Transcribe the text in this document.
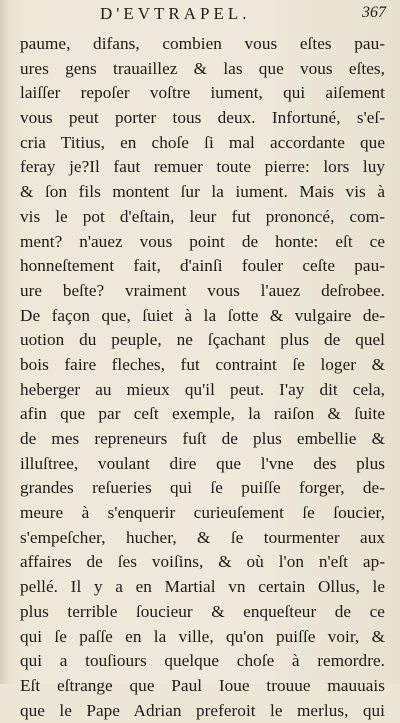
D'EVTRAPEL.	367
paume, difans, combien vous eſtes pau-
ures gens trauaillez & las que vous eſtes,
laiſſer repoſer voſtre iument, qui aiſement
vous peut porter tous deux. Infortuné, s'eſ-
cria Titius, en choſe ſi mal accordante que
feray je?Il faut remuer toute pierre: lors luy
& ſon fils montent ſur la iument. Mais vis à
vis le pot d'eſtain, leur fut prononcé, com-
ment? n'auez vous point de honte: eſt ce
honneſtement fait, d'ainſi fouler ceſte pau-
ure beſte? vraiment vous l'auez deſrobee.
De façon que, ſuiet à la ſotte & vulgaire de-
uotion du peuple, ne ſçachant plus de quel
bois faire fleches, fut contraint ſe loger &
heberger au mieux qu'il peut. I'ay dit cela,
afin que par ceſt exemple, la raiſon & ſuite
de mes repreneurs fuſt de plus embellie &
illuſtree, voulant dire que l'vne des plus
grandes reſueries qui ſe puiſſe forger, de-
meure à s'enquerir curieuſement ſe ſoucier,
s'empeſcher, hucher, & ſe tourmenter aux
affaires de ſes voiſins, & où l'on n'eſt ap-
pellé. Il y a en Martial vn certain Ollus, le
plus terrible ſoucieur & enqueſteur de ce
qui ſe paſſe en la ville, qu'on puiſſe voir, &
qui a touſiours quelque choſe à remordre.
Eſt eſtrange que Paul Ioue trouue mauuais
que le Pape Adrian preferoit le merlus, qui
